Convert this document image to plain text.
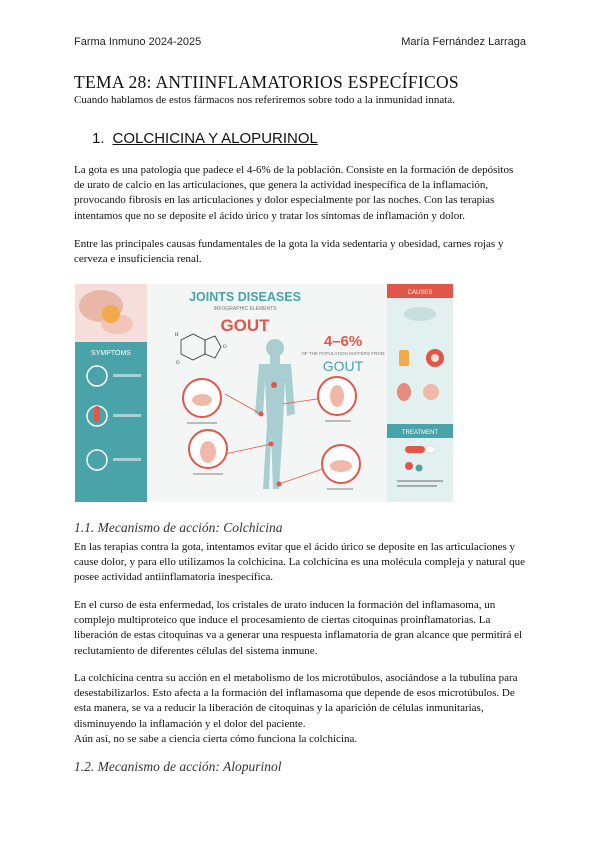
Farma Inmuno 2024-2025	María Fernández Larraga
TEMA 28: ANTIINFLAMATORIOS ESPECÍFICOS
Cuando hablamos de estos fármacos nos referiremos sobre todo a la inmunidad innata.
1. COLCHICINA Y ALOPURINOL
La gota es una patología que padece el 4-6% de la población. Consiste en la formación de depósitos
de urato de calcio en las articulaciones, que genera la actividad inespecífica de la inflamación,
provocando fibrosis en las articulaciones y dolor especialmente por las noches. Con las terapias
intentamos que no se deposite el ácido úrico y tratar los síntomas de inflamación y dolor.
Entre las principales causas fundamentales de la gota la vida sedentaria y obesidad, carnes rojas y
cerveza e insuficiencia renal.
SYMPTOMS
JOINTS DISEASES
INFOGRAPHIC ELEMENTS
GOUT
H
O
O	4–6%
OF THE POPULATION SUFFERS FROM
GOUT
CAUSES
TREATMENT
1.1. Mecanismo de acción: Colchicina
En las terapias contra la gota, intentamos evitar que el ácido úrico se deposite en las articulaciones y
cause dolor, y para ello utilizamos la colchicina. La colchicina es una molécula compleja y natural que
posee actividad antiinflamatoria inespecífica.
En el curso de esta enfermedad, los cristales de urato inducen la formación del inflamasoma, un
complejo multiproteico que induce el procesamiento de ciertas citoquinas proinflamatorias. La
liberación de estas citoquinas va a generar una respuesta inflamatoria de gran alcance que permitirá el
reclutamiento de diferentes células del sistema inmune.
La colchicina centra su acción en el metabolismo de los microtúbulos, asociándose a la tubulina para
desestabilizarlos. Esto afecta a la formación del inflamasoma que depende de esos microtúbulos. De
esta manera, se va a reducir la liberación de citoquinas y la aparición de células inmunitarias,
disminuyendo la inflamación y el dolor del paciente.
Aún así, no se sabe a ciencia cierta cómo funciona la colchicina.
1.2. Mecanismo de acción: Alopurinol
